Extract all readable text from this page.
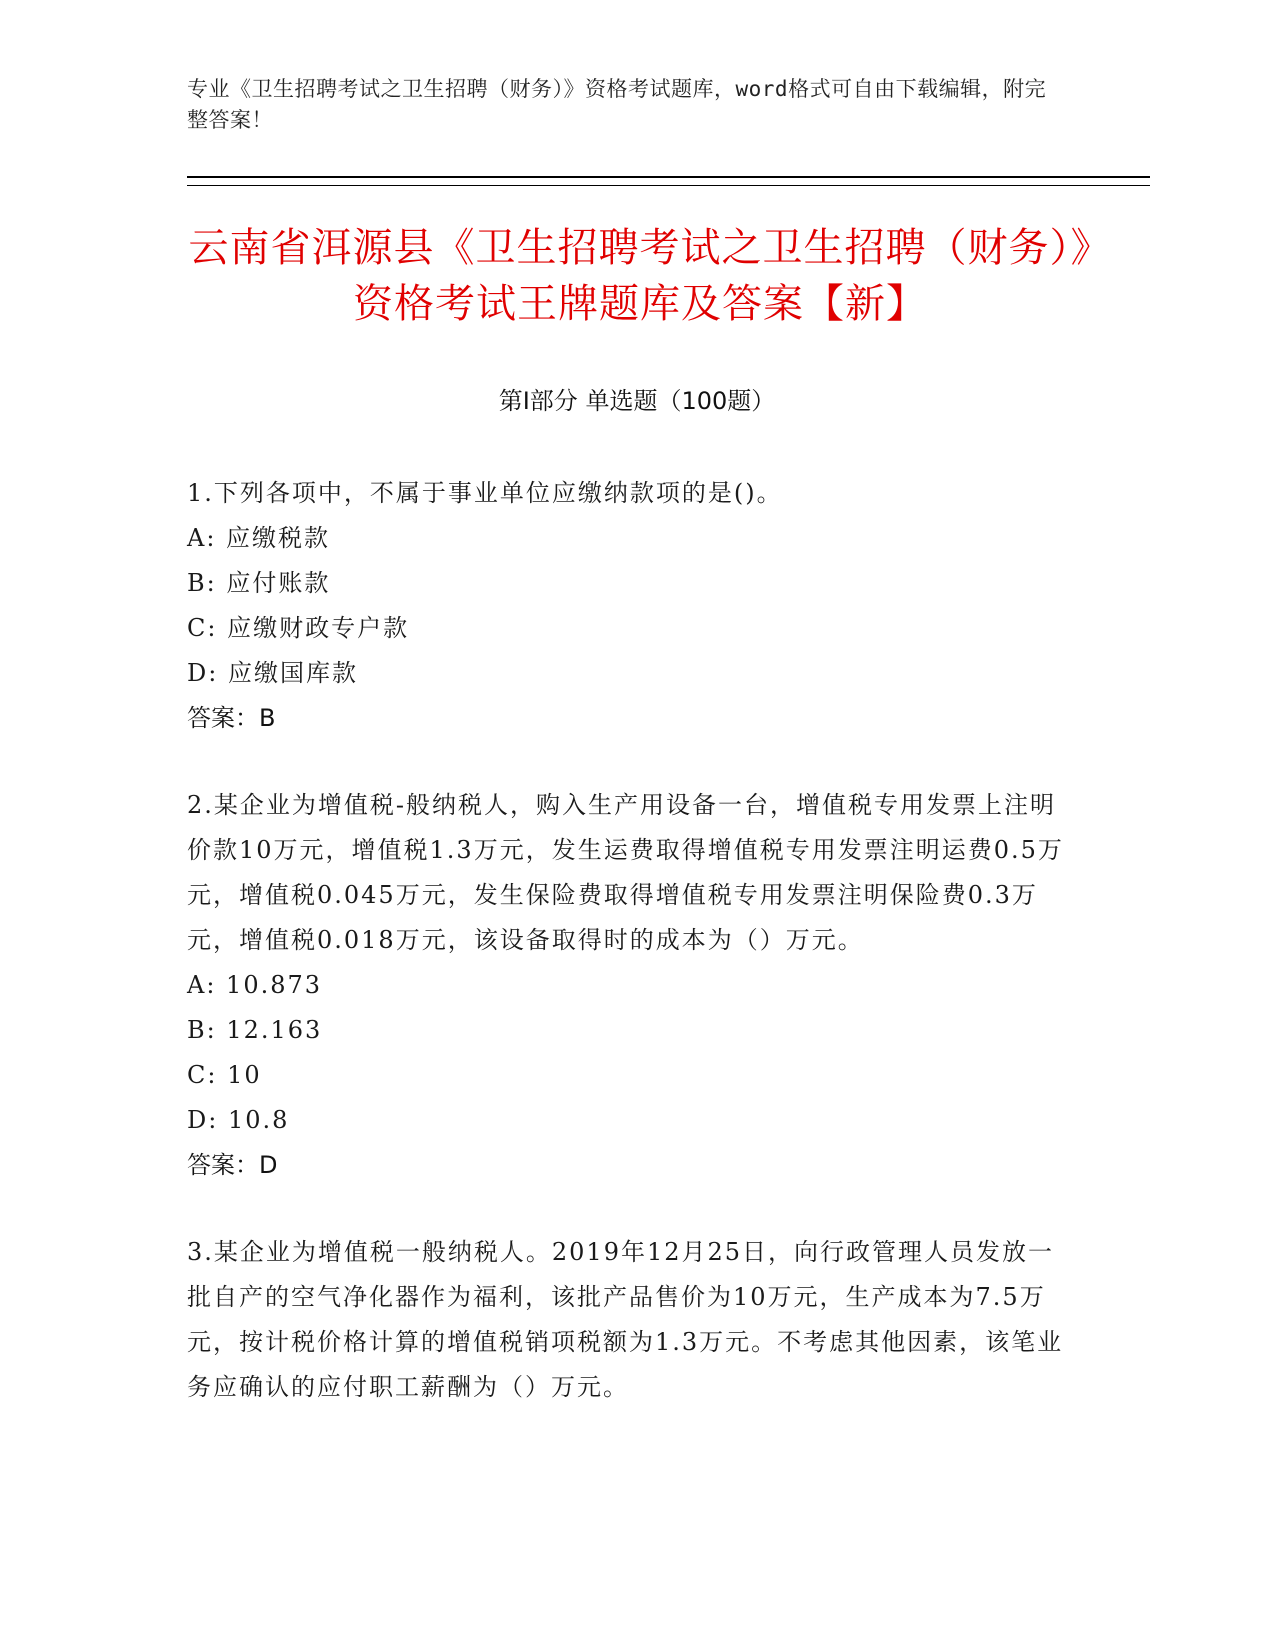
专业《卫生招聘考试之卫生招聘（财务）》资格考试题库，word格式可自由下载编辑，附完整答案！
云南省洱源县《卫生招聘考试之卫生招聘（财务）》资格考试王牌题库及答案【新】
第I部分 单选题（100题）
1.下列各项中，不属于事业单位应缴纳款项的是()。
A: 应缴税款
B: 应付账款
C: 应缴财政专户款
D: 应缴国库款
答案：B
2.某企业为增值税-般纳税人，购入生产用设备一台，增值税专用发票上注明价款10万元，增值税1.3万元，发生运费取得增值税专用发票注明运费0.5万元，增值税0.045万元，发生保险费取得增值税专用发票注明保险费0.3万元，增值税0.018万元，该设备取得时的成本为（）万元。
A: 10.873
B: 12.163
C: 10
D: 10.8
答案：D
3.某企业为增值税一般纳税人。2019年12月25日，向行政管理人员发放一批自产的空气净化器作为福利，该批产品售价为10万元，生产成本为7.5万元，按计税价格计算的增值税销项税额为1.3万元。不考虑其他因素，该笔业务应确认的应付职工薪酬为（）万元。
